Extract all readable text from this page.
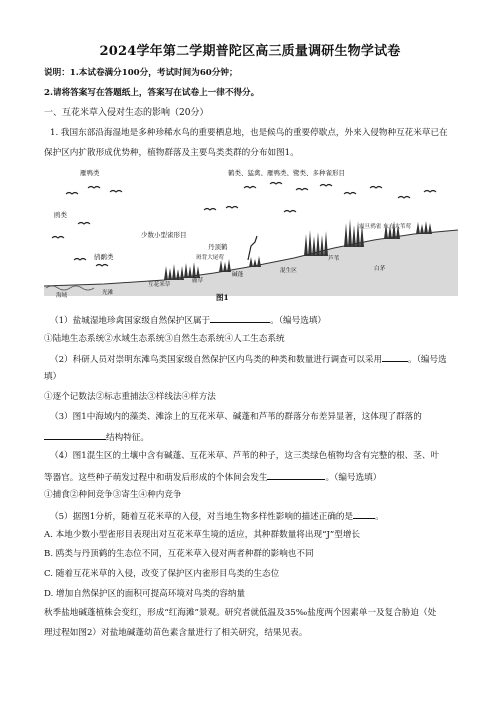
2024学年第二学期普陀区高三质量调研生物学试卷
说明：1.本试卷满分100分，考试时间为60分钟；
2.请将答案写在答题纸上，答案写在试卷上一律不得分。
一、互花米草入侵对生态的影响（20分）
1. 我国东部沿海湿地是多种珍稀水鸟的重要栖息地，也是候鸟的重要停歇点，外来入侵物种互花米草已在
保护区内扩散形成优势种，植物群落及主要鸟类类群的分布如图1。
雁鸭类	鹤类、猛禽、雁鸭类、鹭类、多种雀形目
鸥类
少数小型雀形目
丹顶鹤
鸻鹬类
震旦鸦雀 东方大苇莺
斑背大尾莺
海域	光滩
互花米草
藨草
碱蓬
芦苇
混生区	白茅
图1
（1）盐城湿地珍禽国家级自然保护区属于	。（编号选填）
①陆地生态系统②水域生态系统③自然生态系统④人工生态系统
（2）科研人员对崇明东滩鸟类国家级自然保护区内鸟类的种类和数量进行调查可以采用	。（编号选
填）
①逐个记数法②标志重捕法③样线法④样方法
（3）图1中海域内的藻类、滩涂上的互花米草、碱蓬和芦苇的群落分布差异显著，这体现了群落的
结构特征。
（4）图1混生区的土壤中含有碱蓬、互花米草、芦苇的种子，这三类绿色植物均含有完整的根、茎、叶
等器官。这些种子萌发过程中和萌发后形成的个体间会发生	。（编号选填）
①捕食②种间竞争③寄生④种内竞争
（5）据图1分析，随着互花米草的入侵，对当地生物多样性影响的描述正确的是	。
A. 本地少数小型雀形目表现出对互花米草生境的适应，其种群数量将出现“J”型增长
B. 鸥类与丹顶鹤的生态位不同，互花米草入侵对两者种群的影响也不同
C. 随着互花米草的入侵，改变了保护区内雀形目鸟类的生态位
D. 增加自然保护区的面积可提高环境对鸟类的容纳量
秋季盐地碱蓬植株会变红，形成“红海滩”景观。研究者就低温及35‰盐度两个因素单一及复合胁迫（处
理过程如图2）对盐地碱蓬幼苗色素含量进行了相关研究，结果见表。
